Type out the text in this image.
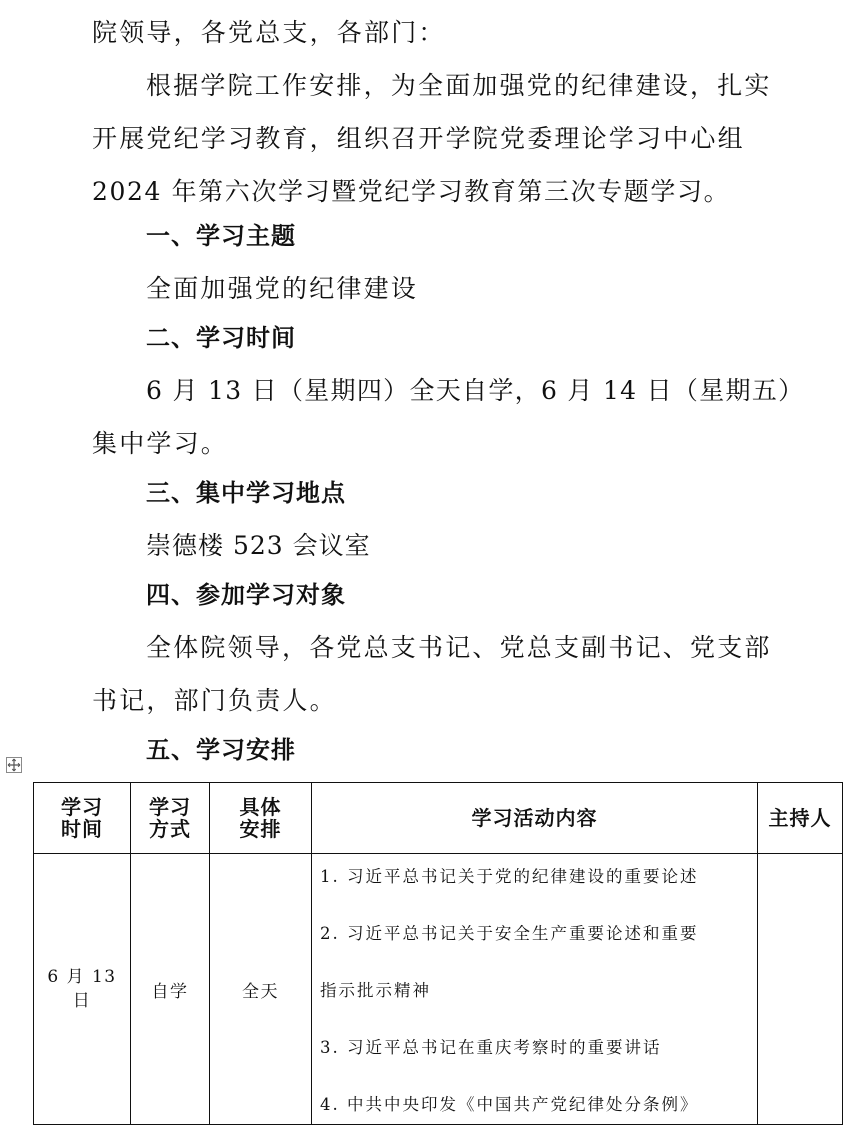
院领导，各党总支，各部门：
根据学院工作安排，为全面加强党的纪律建设，扎实
开展党纪学习教育，组织召开学院党委理论学习中心组
2024 年第六次学习暨党纪学习教育第三次专题学习。
一、学习主题
全面加强党的纪律建设
二、学习时间
6 月 13 日（星期四）全天自学，6 月 14 日（星期五）
集中学习。
三、集中学习地点
崇德楼 523 会议室
四、参加学习对象
全体院领导，各党总支书记、党总支副书记、党支部
书记，部门负责人。
五、学习安排
学习时间	学习方式	具体安排	学习活动内容	主持人
6 月 13 日	自学	全天	1. 习近平总书记关于党的纪律建设的重要论述
2. 习近平总书记关于安全生产重要论述和重要
指示批示精神
3. 习近平总书记在重庆考察时的重要讲话
4. 中共中央印发《中国共产党纪律处分条例》	
